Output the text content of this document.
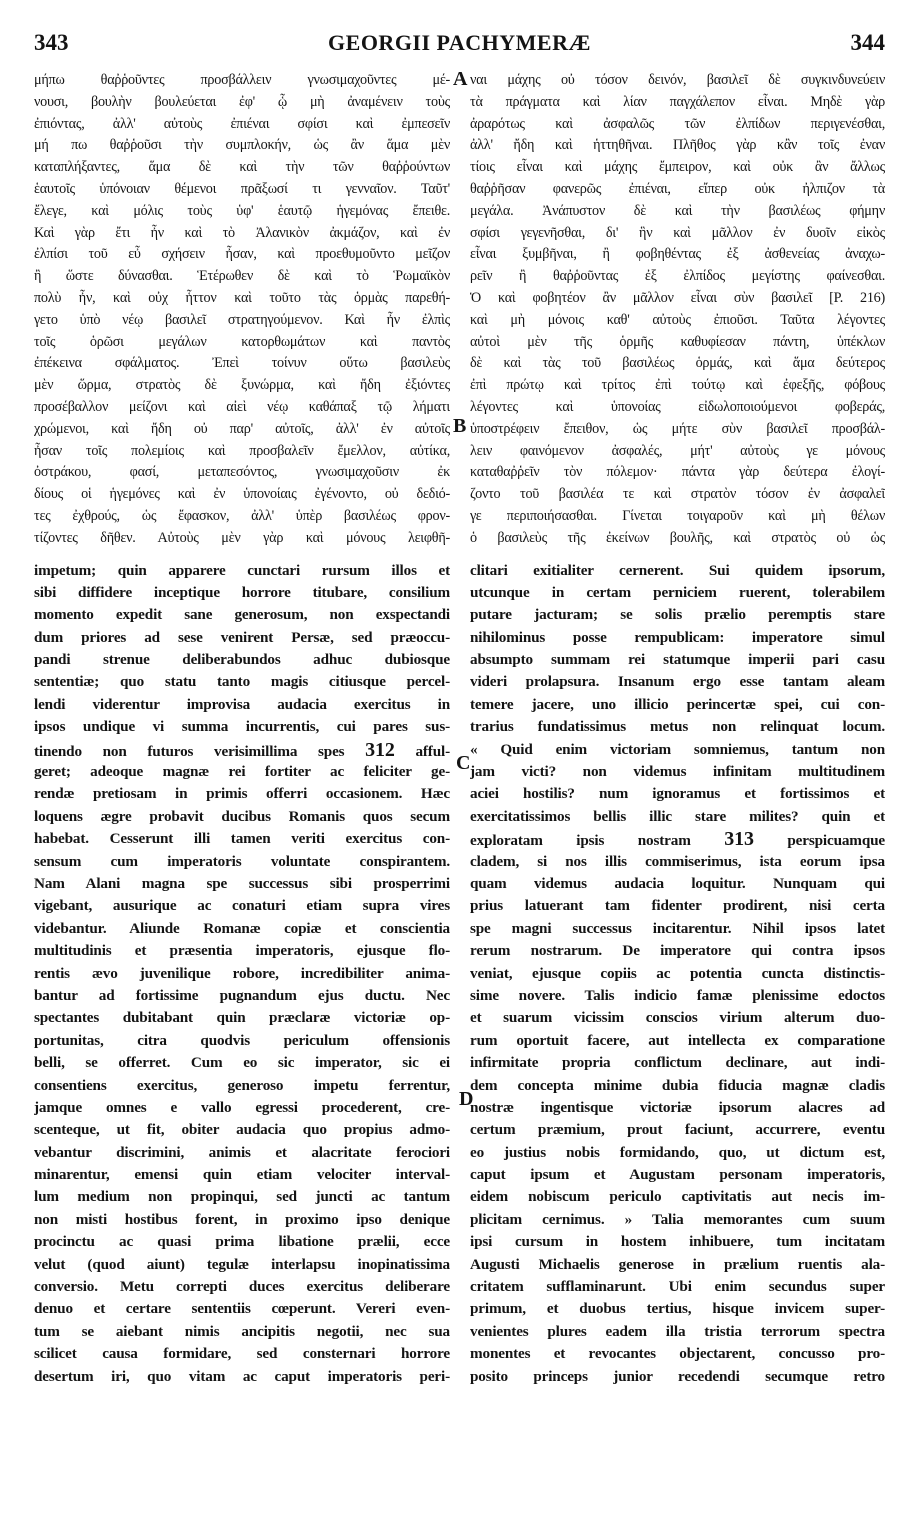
343	GEORGII PACHYMERÆ	344
A
B
C
D
μήπω θαῤῥοῦντες προσβάλλειν γνωσιμαχοῦντες μέ-
νουσι, βουλὴν βουλεύεται ἐφ' ᾧ μὴ ἀναμένειν τοὺς
ἐπιόντας, ἀλλ' αὐτοὺς ἐπιέναι σφίσι καὶ ἐμπεσεῖν
μή πω θαῤῥοῦσι τὴν συμπλοκήν, ὡς ἂν ἅμα μὲν
καταπλήξαντες, ἅμα δὲ καὶ τὴν τῶν θαῤῥούντων
ἑαυτοῖς ὑπόνοιαν θέμενοι πρᾶξωσί τι γενναῖον. Ταῦτ'
ἔλεγε, καὶ μόλις τοὺς ὑφ' ἑαυτῷ ἡγεμόνας ἔπειθε.
Καὶ γὰρ ἔτι ἦν καὶ τὸ Ἀλανικὸν ἀκμάζον, καὶ ἐν
ἐλπίσι τοῦ εὖ σχήσειν ἦσαν, καὶ προεθυμοῦντο μεῖζον
ἢ ὥστε δύνασθαι. Ἑτέρωθεν δὲ καὶ τὸ Ῥωμαϊκὸν
πολὺ ἦν, καὶ οὐχ ἧττον καὶ τοῦτο τὰς ὁρμὰς παρεθή-
γετο ὑπὸ νέῳ βασιλεῖ στρατηγούμενον. Καὶ ἦν ἐλπὶς
τοῖς ὁρῶσι μεγάλων κατορθωμάτων καὶ παντὸς
ἐπέκεινα σφάλματος. Ἐπεὶ τοίνυν οὕτω βασιλεὺς
μὲν ὥρμα, στρατὸς δὲ ξυνώρμα, καὶ ἤδη ἐξιόντες
προσέβαλλον μείζονι καὶ αἰεὶ νέῳ καθάπαξ τῷ λήματι
χρώμενοι, καὶ ἤδη οὐ παρ' αὐτοῖς, ἀλλ' ἐν αὐτοῖς
ἦσαν τοῖς πολεμίοις καὶ προσβαλεῖν ἔμελλον, αὐτίκα,
ὀστράκου, φασί, μεταπεσόντος, γνωσιμαχοῦσιν ἐκ
δίους οἱ ἡγεμόνες καὶ ἐν ὑπονοίαις ἐγένοντο, οὐ δεδιό-
τες ἐχθρούς, ὡς ἔφασκον, ἀλλ' ὑπὲρ βασιλέως φρον-
τίζοντες δῆθεν. Αὐτοὺς μὲν γὰρ καὶ μόνους λειφθῆ-
impetum; quin apparere cunctari rursum illos et
sibi diffidere inceptique horrore titubare, consilium
momento expedit sane generosum, non exspectandi
dum priores ad sese venirent Persæ, sed præoccu-
pandi strenue deliberabundos adhuc dubiosque
sententiæ; quo statu tanto magis citiusque percel-
lendi viderentur improvisa audacia exercitus in
ipsos undique vi summa incurrentis, cui pares sus-
tinendo non futuros verisimillima spes 312 afful-
geret; adeoque magnæ rei fortiter ac feliciter ge-
rendæ pretiosam in primis offerri occasionem. Hæc
loquens ægre probavit ducibus Romanis quos secum
habebat. Cesserunt illi tamen veriti exercitus con-
sensum cum imperatoris voluntate conspirantem.
Nam Alani magna spe successus sibi prosperrimi
vigebant, ausurique ac conaturi etiam supra vires
videbantur. Aliunde Romanæ copiæ et conscientia
multitudinis et præsentia imperatoris, ejusque flo-
rentis ævo juvenilique robore, incredibiliter anima-
bantur ad fortissime pugnandum ejus ductu. Nec
spectantes dubitabant quin præclaræ victoriæ op-
portunitas, citra quodvis periculum offensionis
belli, se offerret. Cum eo sic imperator, sic ei
consentiens exercitus, generoso impetu ferrentur,
jamque omnes e vallo egressi procederent, cre-
scenteque, ut fit, obiter audacia quo propius admo-
vebantur discrimini, animis et alacritate ferociori
minarentur, emensi quin etiam velociter interval-
lum medium non propinqui, sed juncti ac tantum
non misti hostibus forent, in proximo ipso denique
procinctu ac quasi prima libatione prælii, ecce
velut (quod aiunt) tegulæ interlapsu inopinatissima
conversio. Metu correpti duces exercitus deliberare
denuo et certare sententiis cœperunt. Vereri even-
tum se aiebant nimis ancipitis negotii, nec sua
scilicet causa formidare, sed consternari horrore
desertum iri, quo vitam ac caput imperatoris peri-
ναι μάχης οὐ τόσον δεινόν, βασιλεῖ δὲ συγκινδυνεύειν
τὰ πράγματα καὶ λίαν παγχάλεπον εἶναι. Μηδὲ γὰρ
ἀραρότως καὶ ἀσφαλῶς τῶν ἐλπίδων περιγενέσθαι,
ἀλλ' ἤδη καὶ ἡττηθῆναι. Πλῆθος γὰρ κἂν τοῖς ἐναν
τίοις εἶναι καὶ μάχης ἔμπειρον, καὶ οὐκ ἂν ἄλλως
θαῤῥῆσαν φανερῶς ἐπιέναι, εἴπερ οὐκ ἠλπιζον τὰ
μεγάλα. Ἀνάπυστον δὲ καὶ τὴν βασιλέως φήμην
σφίσι γεγενῆσθαι, δι' ἣν καὶ μᾶλλον ἐν δυοῖν εἰκὸς
εἶναι ξυμβῆναι, ἢ φοβηθέντας ἐξ ἀσθενείας ἀναχω-
ρεῖν ἢ θαῤῥοῦντας ἐξ ἐλπίδος μεγίστης φαίνεσθαι.
Ὁ καὶ φοβητέον ἂν μᾶλλον εἶναι σὺν βασιλεῖ [P. 216)
καὶ μὴ μόνοις καθ' αὐτοὺς ἐπιοῦσι. Ταῦτα λέγοντες
αὐτοὶ μὲν τῆς ὁρμῆς καθυφίεσαν πάντη, ὑπέκλων
δὲ καὶ τὰς τοῦ βασιλέως ὁρμάς, καὶ ἅμα δεύτερος
ἐπὶ πρώτῳ καὶ τρίτος ἐπὶ τούτῳ καὶ ἐφεξῆς, φόβους
λέγοντες καὶ ὑπονοίας εἰδωλοποιούμενοι φοβεράς,
ὑποστρέφειν ἔπειθον, ὡς μήτε σὺν βασιλεῖ προσβάλ-
λειν φαινόμενον ἀσφαλές, μήτ' αὐτοὺς γε μόνους
καταθαῤῥεῖν τὸν πόλεμον· πάντα γὰρ δεύτερα ἐλογί-
ζοντο τοῦ βασιλέα τε καὶ στρατὸν τόσον ἐν ἀσφαλεῖ
γε περιποιήσασθαι. Γίνεται τοιγαροῦν καὶ μὴ θέλων
ὁ βασιλεὺς τῆς ἐκείνων βουλῆς, καὶ στρατὸς οὐ ὡς
clitari exitialiter cernerent. Sui quidem ipsorum,
utcunque in certam perniciem ruerent, tolerabilem
putare jacturam; se solis prælio peremptis stare
nihilominus posse rempublicam: imperatore simul
absumpto summam rei statumque imperii pari casu
videri prolapsura. Insanum ergo esse tantam aleam
temere jacere, uno illicio perincertæ spei, cui con-
trarius fundatissimus metus non relinquat locum.
« Quid enim victoriam somniemus, tantum non
jam victi? non videmus infinitam multitudinem
aciei hostilis? num ignoramus et fortissimos et
exercitatissimos bellis illic stare milites? quin et
exploratam ipsis nostram 313 perspicuamque
cladem, si nos illis commiserimus, ista eorum ipsa
quam videmus audacia loquitur. Nunquam qui
prius latuerant tam fidenter prodirent, nisi certa
spe magni successus incitarentur. Nihil ipsos latet
rerum nostrarum. De imperatore qui contra ipsos
veniat, ejusque copiis ac potentia cuncta distinctis-
sime novere. Talis indicio famæ plenissime edoctos
et suarum vicissim conscios virium alterum duo-
rum oportuit facere, aut intellecta ex comparatione
infirmitate propria conflictum declinare, aut indi-
dem concepta minime dubia fiducia magnæ cladis
nostræ ingentisque victoriæ ipsorum alacres ad
certum præmium, prout faciunt, accurrere, eventu
eo justius nobis formidando, quo, ut dictum est,
caput ipsum et Augustam personam imperatoris,
eidem nobiscum periculo captivitatis aut necis im-
plicitam cernimus. » Talia memorantes cum suum
ipsi cursum in hostem inhibuere, tum incitatam
Augusti Michaelis generose in prælium ruentis ala-
critatem sufflaminarunt. Ubi enim secundus super
primum, et duobus tertius, hisque invicem super-
venientes plures eadem illa tristia terrorum spectra
monentes et revocantes objectarent, concusso pro-
posito princeps junior recedendi secumque retro
